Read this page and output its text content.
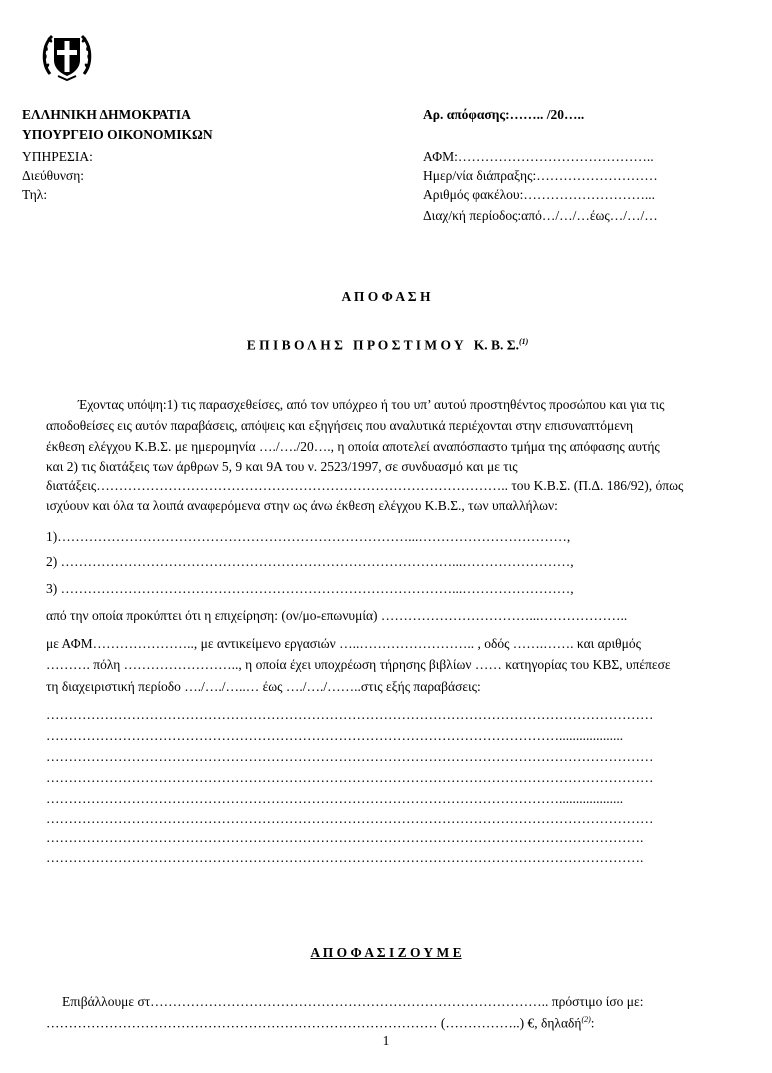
ΕΛΛΗΝΙΚΗ ΔΗΜΟΚΡΑΤΙΑ
ΥΠΟΥΡΓΕΙΟ ΟΙΚΟΝΟΜΙΚΩΝ
ΥΠΗΡΕΣΙΑ:
Διεύθυνση:
Τηλ:
Αρ. απόφασης:…….. /20…..
ΑΦΜ:……………………………………..
Ημερ/νία διάπραξης:………………………
Αριθμός φακέλου:………………………...
Διαχ/κή περίοδος:από…/…/…έως…/…/…
Α Π Ο Φ Α Σ Η

Ε Π Ι Β Ο Λ Η Σ   Π Ρ Ο Σ Τ Ι Μ Ο Υ   Κ. Β. Σ.$^{(1)}$

Έχοντας υπόψη:1) τις παρασχεθείσες, από τον υπόχρεο ή του υπ’ αυτού προστηθέντος προσώπου και για τις
αποδοθείσες εις αυτόν παραβάσεις, απόψεις και εξηγήσεις που αναλυτικά περιέχονται στην επισυναπτόμενη
έκθεση ελέγχου Κ.Β.Σ. με ημερομηνία …./…./20…., η οποία αποτελεί αναπόσπαστο τμήμα της απόφασης αυτής
και 2) τις διατάξεις των άρθρων 5, 9 και 9Α του ν. 2523/1997, σε συνδυασμό και με τις
διατάξεις……………………………………………………………………………….. του Κ.Β.Σ. (Π.Δ. 186/92), όπως
ισχύουν και όλα τα λοιπά αναφερόμενα στην ως άνω έκθεση ελέγχου Κ.Β.Σ., των υπαλλήλων:
1)……………………………………………………………………...……………………………,
2) ……………………………………………………………………………...……………………,
3) ……………………………………………………………………………...……………………,
από την οποία προκύπτει ότι η επιχείρηση: (ον/μο-επωνυμία) ……………………………...………………..
με ΑΦΜ………………….., με αντικείμενο εργασιών …..…………………….. , οδός …….……. και αριθμός
………. πόλη …………………….., η οποία έχει υποχρέωση τήρησης βιβλίων …… κατηγορίας του ΚΒΣ, υπέπεσε
τη διαχειριστική περίοδο …./…./…..… έως …./…./……..στις εξής παραβάσεις:
………………………………………………………………………………………………………………………
……………………………………………………………………………………………………...................
………………………………………………………………………………………………………………………
………………………………………………………………………………………………………………………
……………………………………………………………………………………………………...................
………………………………………………………………………………………………………………………
…………………………………………………………………………………………………………………….
…………………………………………………………………………………………………………………….
Α Π Ο Φ Α Σ Ι Ζ Ο Υ Μ Ε
Επιβάλλουμε στ…………………………………………………………………………….. πρόστιμο ίσο με:
…………………………………………………………………………… (……………..) €, δηλαδή$^{(2)}$:
1
